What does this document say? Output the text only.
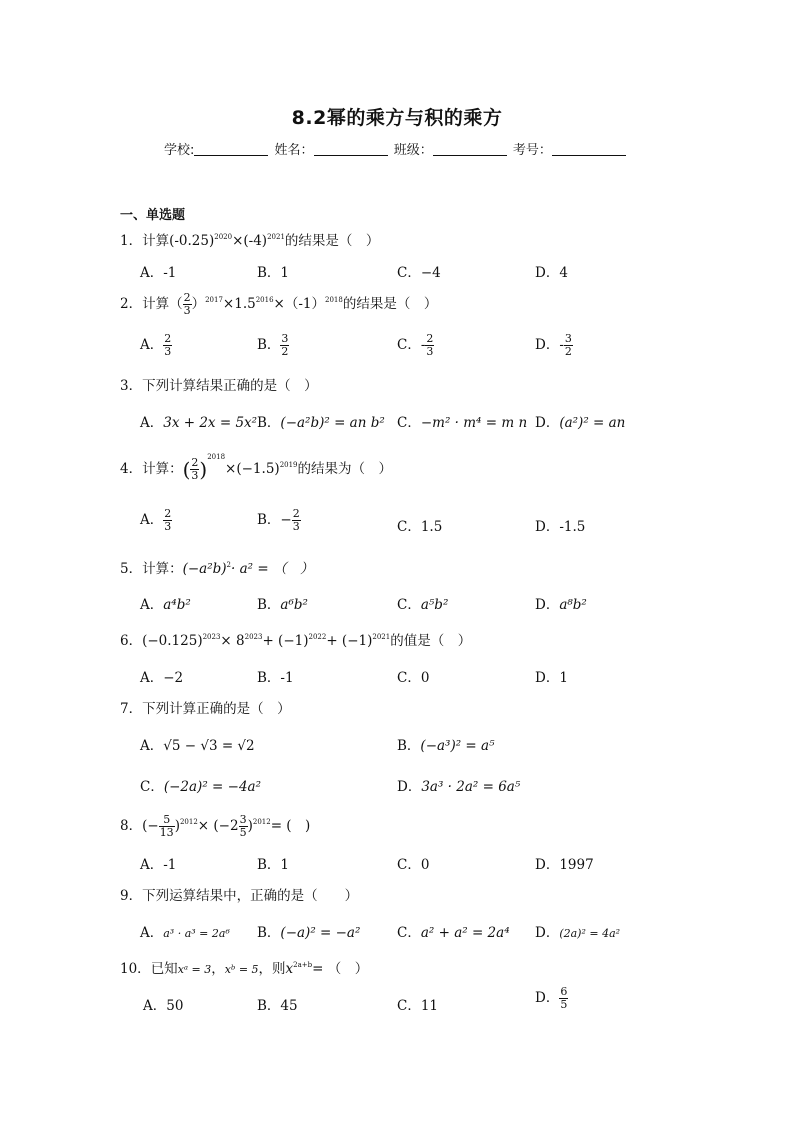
8.2幂的乘方与积的乘方
学校:	姓名：	班级：	考号：
一、单选题
1．计算$(-0.25)^{2020}\times(-4)^{2021}$的结果是（　）
A．-1	B．1	C．−4	D．4
2．计算（ $\frac{2}{3} )^{2017}\times 1.5^{2016}\times(-1)^{2018}$的结果是（　）
A． $\frac{2}{3}$	B． $\frac{3}{2}$	C．- $\frac{2}{3}$	D．- $\frac{3}{2}$
3．下列计算结果正确的是（　）
A．3x + 2x = 5x² B．(−a²b)² = an b² C．−m² · m⁴ = m n D．(a²)² = an
4．计算：( $\frac{2}{3} )^{2018}\times(-1.5)^{2019}$的结果为（　）
A． $\frac{2}{3}$	B．− $\frac{2}{3}$	C．1.5	D．-1.5
5．计算：$(-a^2b)^2\cdot a^2$ = （　）
A．a⁴b²	B．a⁶b²	C．a⁵b²	D．a⁸b²
6．$(-0.125)^{2023}\times 8^{2023}+ (-1)^{2022}+ (-1)^{2021}$的值是（　）
A．−2	B．-1	C．0	D．1
7．下列计算正确的是（　）
A．√5 − √3 = √2	B．(−a³)² = a⁵
C．(−2a)² = −4a²	D．3a³ · 2a² = 6a⁵
8．(− $\frac{5}{13} )^{2012}\times (-2 \frac{3}{5} )^{2012}=$ (　)
A．-1	B．1	C．0	D．1997
9．下列运算结果中，正确的是（　　）
A．a³ · a³ = 2a⁶ B．(−a)² = −a²	C．a² + a² = 2a⁴ D．(2a)² = 4a²
10．已知xᵃ = 3，xᵇ = 5，则$x^{2a+b}=$ （　）
A．50	B．45	C．11	D． $\frac{6}{5}$
